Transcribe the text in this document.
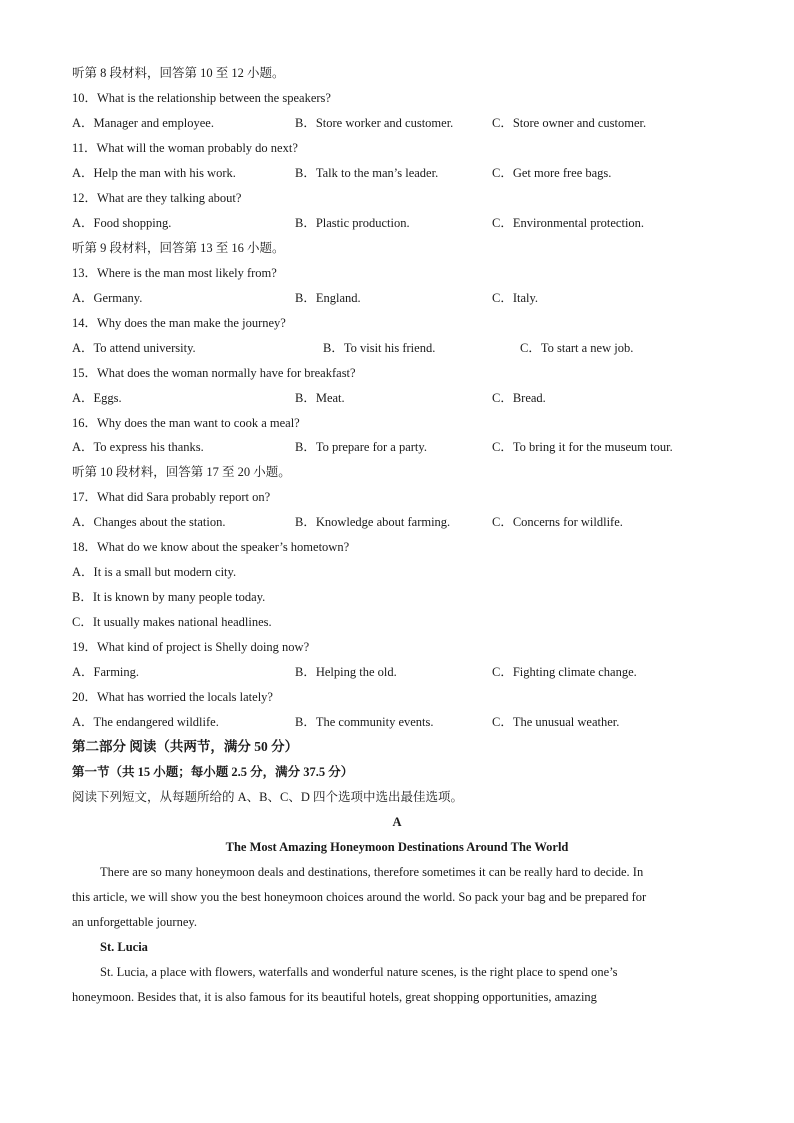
听第 8 段材料，回答第 10 至 12 小题。
10．What is the relationship between the speakers?
A．Manager and employee.	B．Store worker and customer.	C．Store owner and customer.
11．What will the woman probably do next?
A．Help the man with his work.	B．Talk to the man’s leader.	C．Get more free bags.
12．What are they talking about?
A．Food shopping.	B．Plastic production.	C．Environmental protection.
听第 9 段材料，回答第 13 至 16 小题。
13．Where is the man most likely from?
A．Germany.	B．England.	C．Italy.
14．Why does the man make the journey?
A．To attend university.	B．To visit his friend.	C．To start a new job.
15．What does the woman normally have for breakfast?
A．Eggs.	B．Meat.	C．Bread.
16．Why does the man want to cook a meal?
A．To express his thanks.	B．To prepare for a party.	C．To bring it for the museum tour.
听第 10 段材料，回答第 17 至 20 小题。
17．What did Sara probably report on?
A．Changes about the station.	B．Knowledge about farming.	C．Concerns for wildlife.
18．What do we know about the speaker’s hometown?
A．It is a small but modern city.
B．It is known by many people today.
C．It usually makes national headlines.
19．What kind of project is Shelly doing now?
A．Farming.	B．Helping the old.	C．Fighting climate change.
20．What has worried the locals lately?
A．The endangered wildlife.	B．The community events.	C．The unusual weather.
第二部分 阅读（共两节，满分 50 分）
第一节（共 15 小题；每小题 2.5 分，满分 37.5 分）
阅读下列短文，从每题所给的 A、B、C、D 四个选项中选出最佳选项。
A
The Most Amazing Honeymoon Destinations Around The World
There are so many honeymoon deals and destinations, therefore sometimes it can be really hard to decide. In
this article, we will show you the best honeymoon choices around the world. So pack your bag and be prepared for
an unforgettable journey.
St. Lucia
St. Lucia, a place with flowers, waterfalls and wonderful nature scenes, is the right place to spend one’s
honeymoon. Besides that, it is also famous for its beautiful hotels, great shopping opportunities, amazing
